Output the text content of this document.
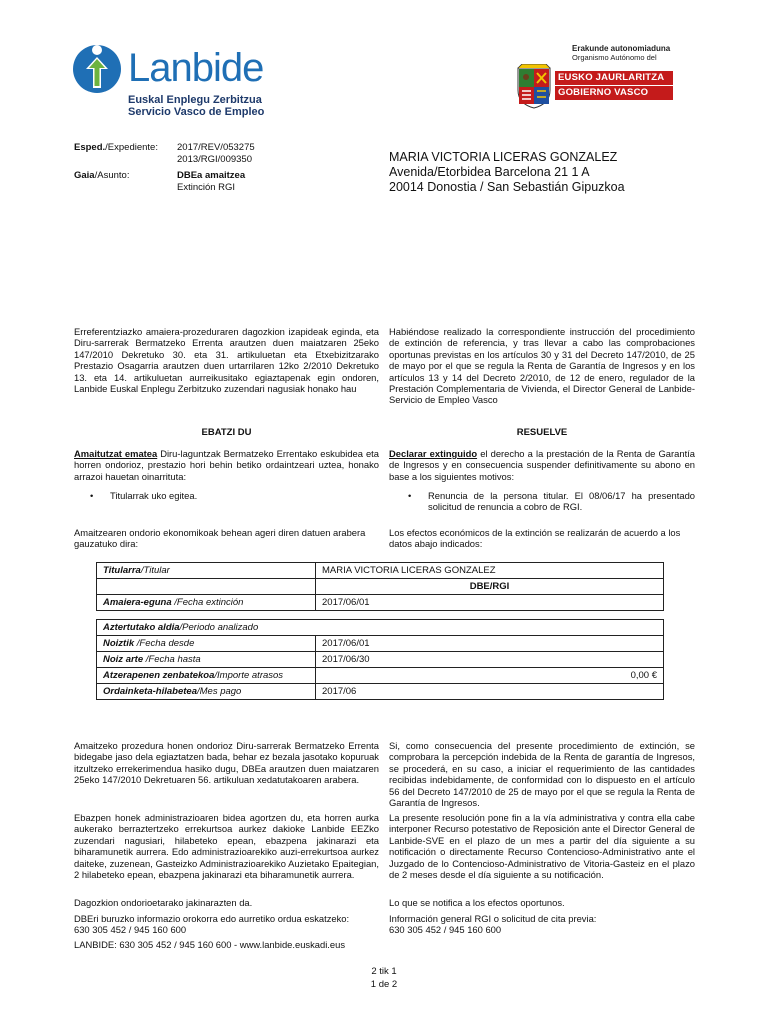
Lanbide
Euskal Enplegu Zerbitzua
Servicio Vasco de Empleo
Erakunde autonomiaduna
Organismo Autónomo del
EUSKO JAURLARITZA
GOBIERNO VASCO
Esped./Expediente: 2017/REV/053275
2013/RGI/009350
Gaia/Asunto:	DBEa amaitzea
Extinción RGI
MARIA VICTORIA LICERAS GONZALEZ
Avenida/Etorbidea Barcelona 21 1 A
20014 Donostia / San Sebastián Gipuzkoa
Erreferentziazko amaiera-prozeduraren dagozkion izapideak eginda, eta Diru-sarrerak Bermatzeko Errenta arautzen duen maiatzaren 25eko 147/2010 Dekretuko 30. eta 31. artikuluetan eta Etxebizitzarako Prestazio Osagarria arautzen duen urtarrilaren 12ko 2/2010 Dekretuko 13. eta 14. artikuluetan aurreikusitako egiaztapenak egin ondoren, Lanbide Euskal Enplegu Zerbitzuko zuzendari nagusiak honako hau
Habiéndose realizado la correspondiente instrucción del procedimiento de extinción de referencia, y tras llevar a cabo las comprobaciones oportunas previstas en los artículos 30 y 31 del Decreto 147/2010, de 25 de mayo por el que se regula la Renta de Garantía de Ingresos y en los artículos 13 y 14 del Decreto 2/2010, de 12 de enero, regulador de la Prestación Complementaria de Vivienda, el Director General de Lanbide-Servicio de Empleo Vasco
EBATZI DU	RESUELVE
Amaitutzat ematea Diru-laguntzak Bermatzeko Errentako eskubidea eta horren ondorioz, prestazio hori behin betiko ordaintzeari uztea, honako arrazoi hauetan oinarrituta:
Declarar extinguido el derecho a la prestación de la Renta de Garantía de Ingresos y en consecuencia suspender definitivamente su abono en base a los siguientes motivos:
• Titularrak uko egitea.	• Renuncia de la persona titular. El 08/06/17 ha presentado solicitud de renuncia a cobro de RGI.
Amaitzearen ondorio ekonomikoak behean ageri diren datuen arabera gauzatuko dira:
Los efectos económicos de la extinción se realizarán de acuerdo a los datos abajo indicados:
Titularra/Titular	MARIA VICTORIA LICERAS GONZALEZ
	DBE/RGI
Amaiera-eguna /Fecha extinción	2017/06/01
Aztertutako aldia/Periodo analizado	
Noiztik /Fecha desde	2017/06/01
Noiz arte /Fecha hasta	2017/06/30
Atzerapenen zenbatekoa/Importe atrasos	0,00 €
Ordainketa-hilabetea/Mes pago	2017/06
Amaitzeko prozedura honen ondorioz Diru-sarrerak Bermatzeko Errenta bidegabe jaso dela egiaztatzen bada, behar ez bezala jasotako kopuruak itzultzeko errekerimendua hasiko dugu, DBEa arautzen duen maiatzaren 25eko 147/2010 Dekretuaren 56. artikuluan xedatutakoaren arabera.
Si, como consecuencia del presente procedimiento de extinción, se comprobara la percepción indebida de la Renta de garantía de Ingresos, se procederá, en su caso, a iniciar el requerimiento de las cantidades recibidas indebidamente, de conformidad con lo dispuesto en el artículo 56 del Decreto 147/2010 de 25 de mayo por el que se regula la Renta de Garantía de Ingresos.
Ebazpen honek administrazioaren bidea agortzen du, eta horren aurka aukerako berraztertzeko errekurtsoa aurkez dakioke Lanbide EEZko zuzendari nagusiari, hilabeteko epean, ebazpena jakinarazi eta biharamunetik aurrera. Edo administrazioarekiko auzi-errekurtsoa aurkez daiteke, zuzenean, Gasteizko Administrazioarekiko Auzietako Epaitegian, 2 hilabeteko epean, ebazpena jakinarazi eta biharamunetik aurrera.
La presente resolución pone fin a la vía administrativa y contra ella cabe interponer Recurso potestativo de Reposición ante el Director General de Lanbide-SVE en el plazo de un mes a partir del día siguiente a su notificación o directamente Recurso Contencioso-Administrativo ante el Juzgado de lo Contencioso-Administrativo de Vitoria-Gasteiz en el plazo de 2 meses desde el día siguiente a su notificación.
Dagozkion ondorioetarako jakinarazten da.	Lo que se notifica a los efectos oportunos.
DBEri buruzko informazio orokorra edo aurretiko ordua eskatzeko:
630 305 452 / 945 160 600
Información general RGI o solicitud de cita previa:
630 305 452 / 945 160 600
LANBIDE: 630 305 452 / 945 160 600 - www.lanbide.euskadi.eus
2 tik 1
1 de 2
